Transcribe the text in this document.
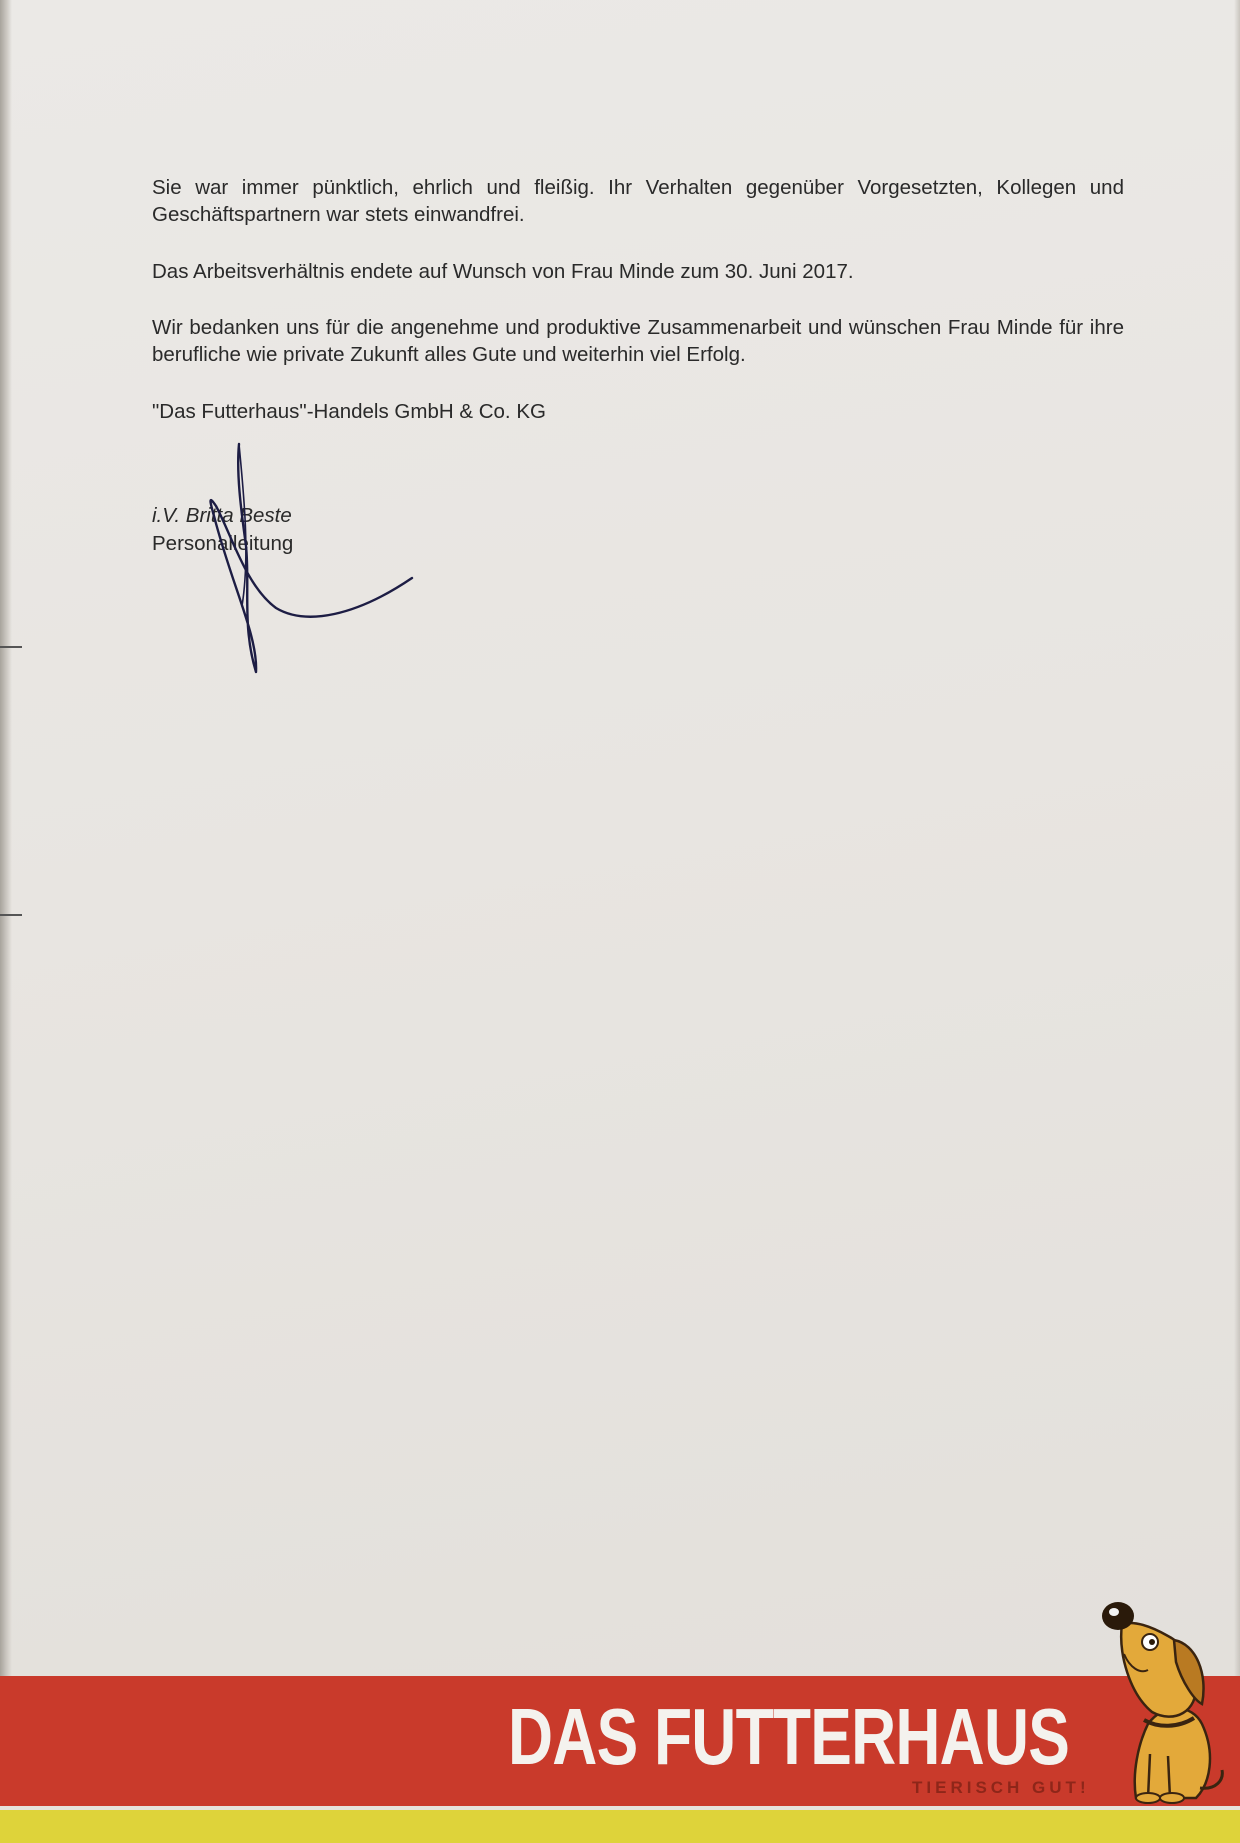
Sie war immer pünktlich, ehrlich und fleißig. Ihr Verhalten gegenüber Vorgesetzten, Kollegen und Geschäftspartnern war stets einwandfrei.

Das Arbeitsverhältnis endete auf Wunsch von Frau Minde zum 30. Juni 2017.

Wir bedanken uns für die angenehme und produktive Zusammenarbeit und wünschen Frau Minde für ihre berufliche wie private Zukunft alles Gute und weiterhin viel Erfolg.

"Das Futterhaus"-Handels GmbH & Co. KG

i.V. Britta Beste
Personalleitung
DAS FUTTERHAUS
TIERISCH GUT!
